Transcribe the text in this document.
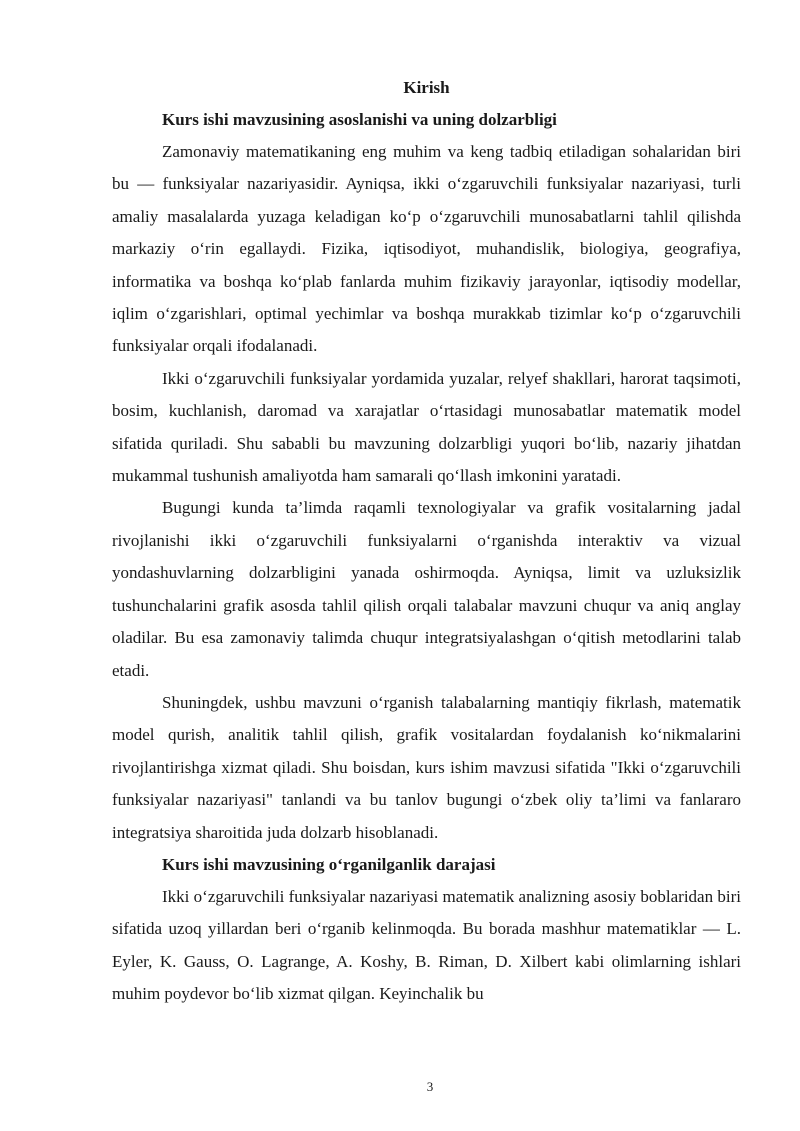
Kirish

Kurs ishi mavzusining asoslanishi va uning dolzarbligi

Zamonaviy matematikaning eng muhim va keng tadbiq etiladigan sohalaridan biri bu — funksiyalar nazariyasidir. Ayniqsa, ikki o‘zgaruvchili funksiyalar nazariyasi, turli amaliy masalalarda yuzaga keladigan ko‘p o‘zgaruvchili munosabatlarni tahlil qilishda markaziy o‘rin egallaydi. Fizika, iqtisodiyot, muhandislik, biologiya, geografiya, informatika va boshqa ko‘plab fanlarda muhim fizikaviy jarayonlar, iqtisodiy modellar, iqlim o‘zgarishlari, optimal yechimlar va boshqa murakkab tizimlar ko‘p o‘zgaruvchili funksiyalar orqali ifodalanadi.

Ikki o‘zgaruvchili funksiyalar yordamida yuzalar, relyef shakllari, harorat taqsimoti, bosim, kuchlanish, daromad va xarajatlar o‘rtasidagi munosabatlar matematik model sifatida quriladi. Shu sababli bu mavzuning dolzarbligi yuqori bo‘lib, nazariy jihatdan mukammal tushunish amaliyotda ham samarali qo‘llash imkonini yaratadi.

Bugungi kunda ta’limda raqamli texnologiyalar va grafik vositalarning jadal rivojlanishi ikki o‘zgaruvchili funksiyalarni o‘rganishda interaktiv va vizual yondashuvlarning dolzarbligini yanada oshirmoqda. Ayniqsa, limit va uzluksizlik tushunchalarini grafik asosda tahlil qilish orqali talabalar mavzuni chuqur va aniq anglay oladilar. Bu esa zamonaviy talimda chuqur integratsiyalashgan o‘qitish metodlarini talab etadi.

Shuningdek, ushbu mavzuni o‘rganish talabalarning mantiqiy fikrlash, matematik model qurish, analitik tahlil qilish, grafik vositalardan foydalanish ko‘nikmalarini rivojlantirishga xizmat qiladi. Shu boisdan, kurs ishim mavzusi sifatida "Ikki o‘zgaruvchili funksiyalar nazariyasi" tanlandi va bu tanlov bugungi o‘zbek oliy ta’limi va fanlararo integratsiya sharoitida juda dolzarb hisoblanadi.

Kurs ishi mavzusining o‘rganilganlik darajasi

Ikki o‘zgaruvchili funksiyalar nazariyasi matematik analizning asosiy boblaridan biri sifatida uzoq yillardan beri o‘rganib kelinmoqda. Bu borada mashhur matematiklar — L. Eyler, K. Gauss, O. Lagrange, A. Koshy, B. Riman, D. Xilbert kabi olimlarning ishlari muhim poydevor bo‘lib xizmat qilgan. Keyinchalik bu

3
